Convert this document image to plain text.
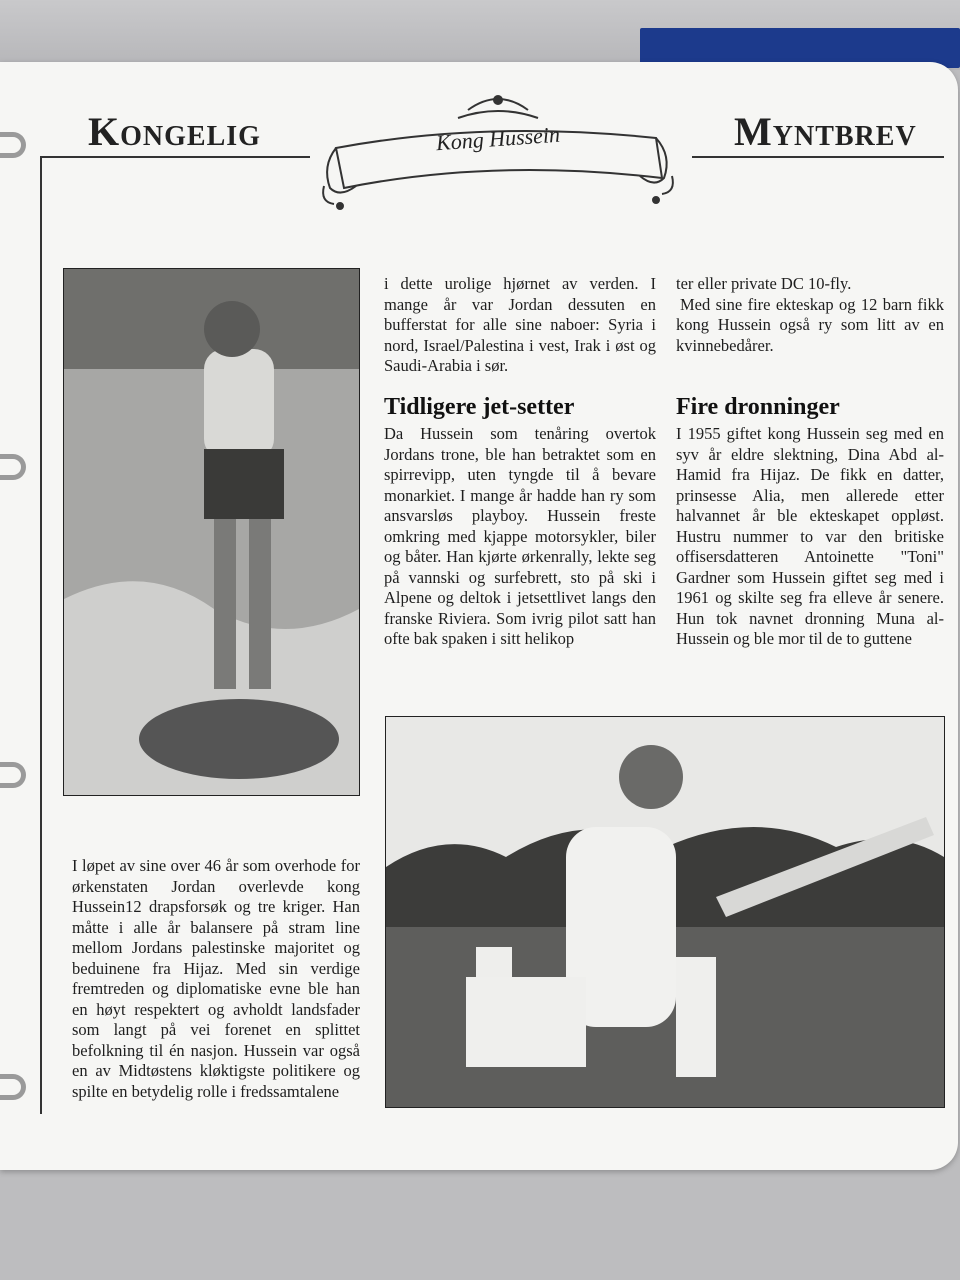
Kongelig	Myntbrev
Kong Hussein

i dette urolige hjørnet av verden. I mange år var Jordan dessuten en bufferstat for alle sine naboer: Syria i nord, Israel/Palestina i vest, Irak i øst og Saudi-Arabia i sør.

Tidligere jet-setter

Da Hussein som tenåring overtok Jordans trone, ble han betraktet som en spirrevipp, uten tyngde til å bevare monarkiet. I mange år hadde han ry som ansvarsløs playboy. Hussein freste omkring med kjappe motorsykler, biler og båter. Han kjørte ørkenrally, lekte seg på vannski og surfebrett, sto på ski i Alpene og deltok i jetsettlivet langs den franske Riviera. Som ivrig pilot satt han ofte bak spaken i sitt helikop

ter eller private DC 10-fly.

Med sine fire ekteskap og 12 barn fikk kong Hussein også ry som litt av en kvinnebedårer.

Fire dronninger

I 1955 giftet kong Hussein seg med en syv år eldre slektning, Dina Abd al-Hamid fra Hijaz. De fikk en datter, prinsesse Alia, men allerede etter halvannet år ble ekteskapet oppløst. Hustru nummer to var den britiske offisersdatteren Antoinette "Toni" Gardner som Hussein giftet seg med i 1961 og skilte seg fra elleve år senere. Hun tok navnet dronning Muna al-Hussein og ble mor til de to guttene

I løpet av sine over 46 år som overhode for ørkenstaten Jordan overlevde kong Hussein12 drapsforsøk og tre kriger. Han måtte i alle år balansere på stram line mellom Jordans palestinske majoritet og beduinene fra Hijaz. Med sin verdige fremtreden og diplomatiske evne ble han en høyt respektert og avholdt landsfader som langt på vei forenet en splittet befolkning til én nasjon. Hussein var også en av Midtøstens kløktigste politikere og spilte en betydelig rolle i fredssamtalene
